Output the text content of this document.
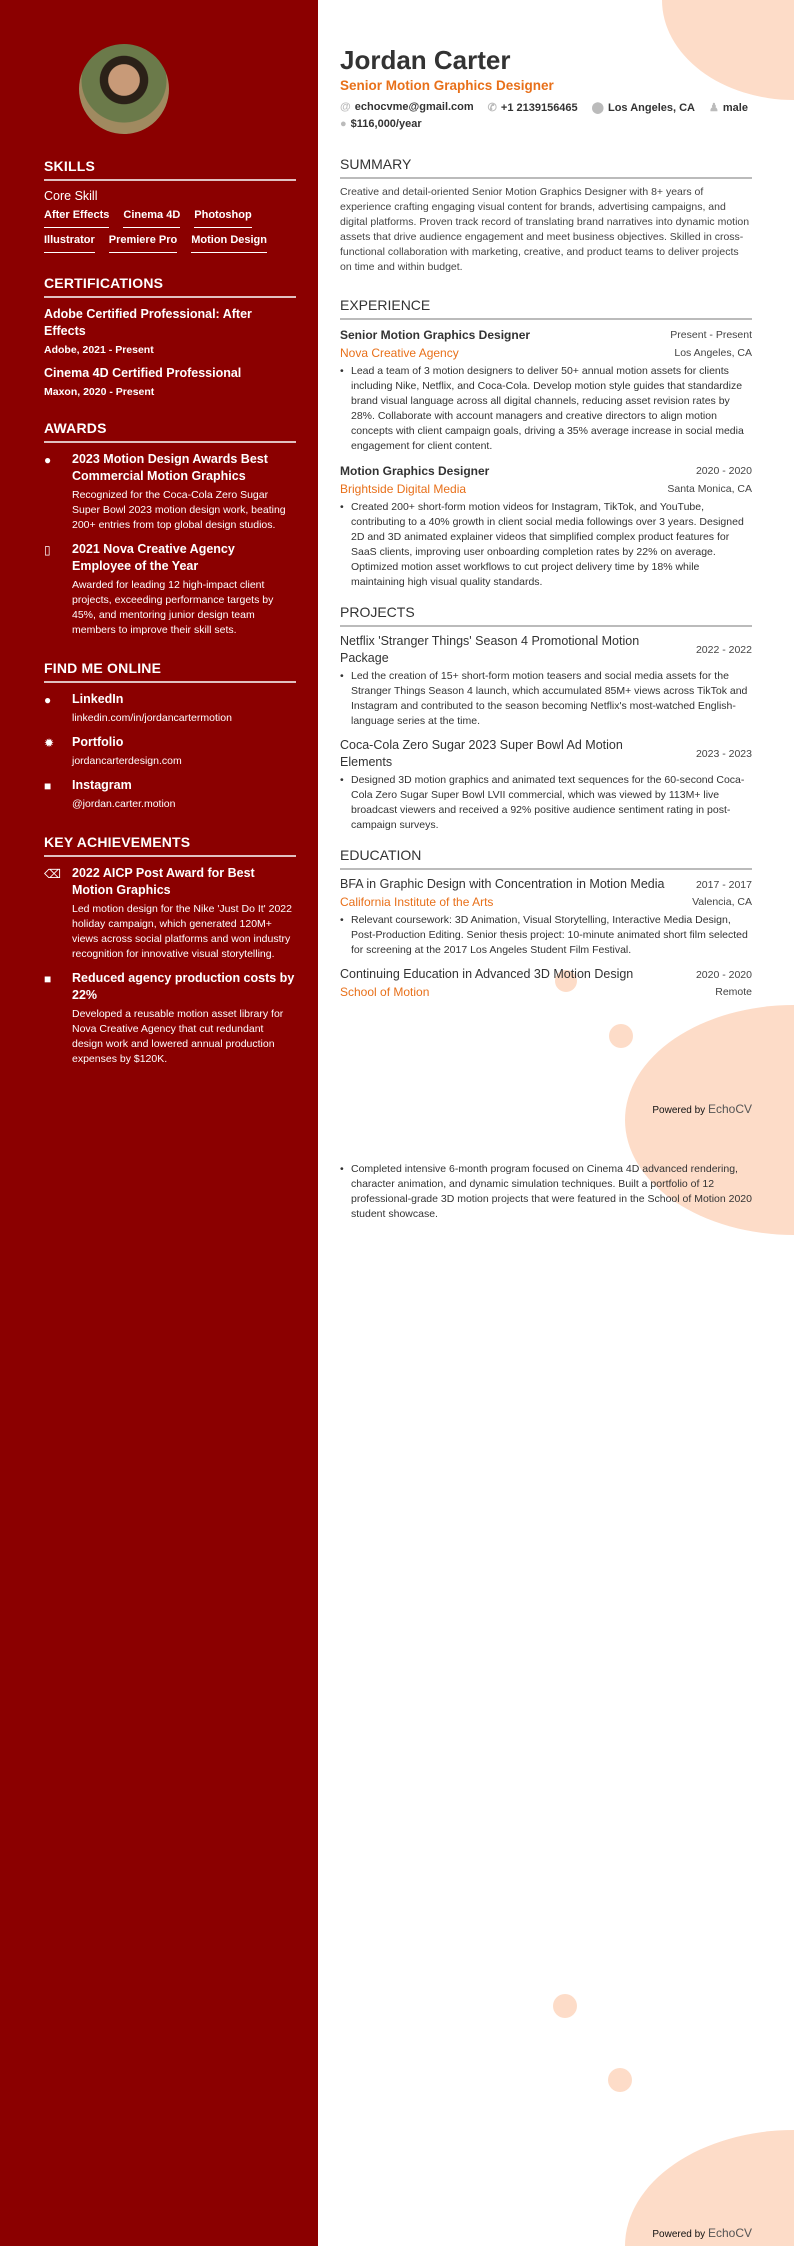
SKILLS
Core Skill
After Effects Cinema 4D Photoshop
Illustrator Premiere Pro Motion Design
CERTIFICATIONS
Adobe Certified Professional: After Effects
Adobe, 2021 - Present
Cinema 4D Certified Professional
Maxon, 2020 - Present
AWARDS
●	2023 Motion Design Awards Best Commercial Motion Graphics
Recognized for the Coca-Cola Zero Sugar Super Bowl 2023 motion design work, beating 200+ entries from top global design studios.
▯	2021 Nova Creative Agency Employee of the Year
Awarded for leading 12 high-impact client projects, exceeding performance targets by 45%, and mentoring junior design team members to improve their skill sets.
FIND ME ONLINE
●	LinkedIn
linkedin.com/in/jordancartermotion
✹	Portfolio
jordancarterdesign.com
■	Instagram
@jordan.carter.motion
KEY ACHIEVEMENTS
⌫ 2022 AICP Post Award for Best Motion Graphics
Led motion design for the Nike 'Just Do It' 2022 holiday campaign, which generated 120M+ views across social platforms and won industry recognition for innovative visual storytelling.
■	Reduced agency production costs by 22%
Developed a reusable motion asset library for Nova Creative Agency that cut redundant design work and lowered annual production expenses by $120K.
Jordan Carter
Senior Motion Graphics Designer
@ echocvme@gmail.com ✆ +1 2139156465 ⬤ Los Angeles, CA ♟ male
● $116,000/year
SUMMARY
Creative and detail-oriented Senior Motion Graphics Designer with 8+ years of experience crafting engaging visual content for brands, advertising campaigns, and digital platforms. Proven track record of translating brand narratives into dynamic motion assets that drive audience engagement and meet business objectives. Skilled in cross-functional collaboration with marketing, creative, and product teams to deliver projects on time and within budget.
EXPERIENCE
Senior Motion Graphics Designer	Present - Present
Nova Creative Agency	Los Angeles, CA
• Lead a team of 3 motion designers to deliver 50+ annual motion assets for clients including Nike, Netflix, and Coca-Cola. Develop motion style guides that standardize brand visual language across all digital channels, reducing asset revision rates by 28%. Collaborate with account managers and creative directors to align motion concepts with client campaign goals, driving a 35% average increase in social media engagement for client content.
Motion Graphics Designer	2020 - 2020
Brightside Digital Media	Santa Monica, CA
• Created 200+ short-form motion videos for Instagram, TikTok, and YouTube, contributing to a 40% growth in client social media followings over 3 years. Designed 2D and 3D animated explainer videos that simplified complex product features for SaaS clients, improving user onboarding completion rates by 22% on average. Optimized motion asset workflows to cut project delivery time by 18% while maintaining high visual quality standards.
PROJECTS
Netflix 'Stranger Things' Season 4 Promotional Motion Package
2022 - 2022
• Led the creation of 15+ short-form motion teasers and social media assets for the Stranger Things Season 4 launch, which accumulated 85M+ views across TikTok and Instagram and contributed to the season becoming Netflix's most-watched English-language series at the time.
Coca-Cola Zero Sugar 2023 Super Bowl Ad Motion Elements
2023 - 2023
• Designed 3D motion graphics and animated text sequences for the 60-second Coca-Cola Zero Sugar Super Bowl LVII commercial, which was viewed by 113M+ live broadcast viewers and received a 92% positive audience sentiment rating in post-campaign surveys.
EDUCATION
BFA in Graphic Design with Concentration in Motion Media	2017 - 2017
California Institute of the Arts	Valencia, CA
• Relevant coursework: 3D Animation, Visual Storytelling, Interactive Media Design, Post-Production Editing. Senior thesis project: 10-minute animated short film selected for screening at the 2017 Los Angeles Student Film Festival.
Continuing Education in Advanced 3D Motion Design	2020 - 2020
School of Motion	Remote
• Completed intensive 6-month program focused on Cinema 4D advanced rendering, character animation, and dynamic simulation techniques. Built a portfolio of 12 professional-grade 3D motion projects that were featured in the School of Motion 2020 student showcase.
Powered by EchoCV
Powered by EchoCV
